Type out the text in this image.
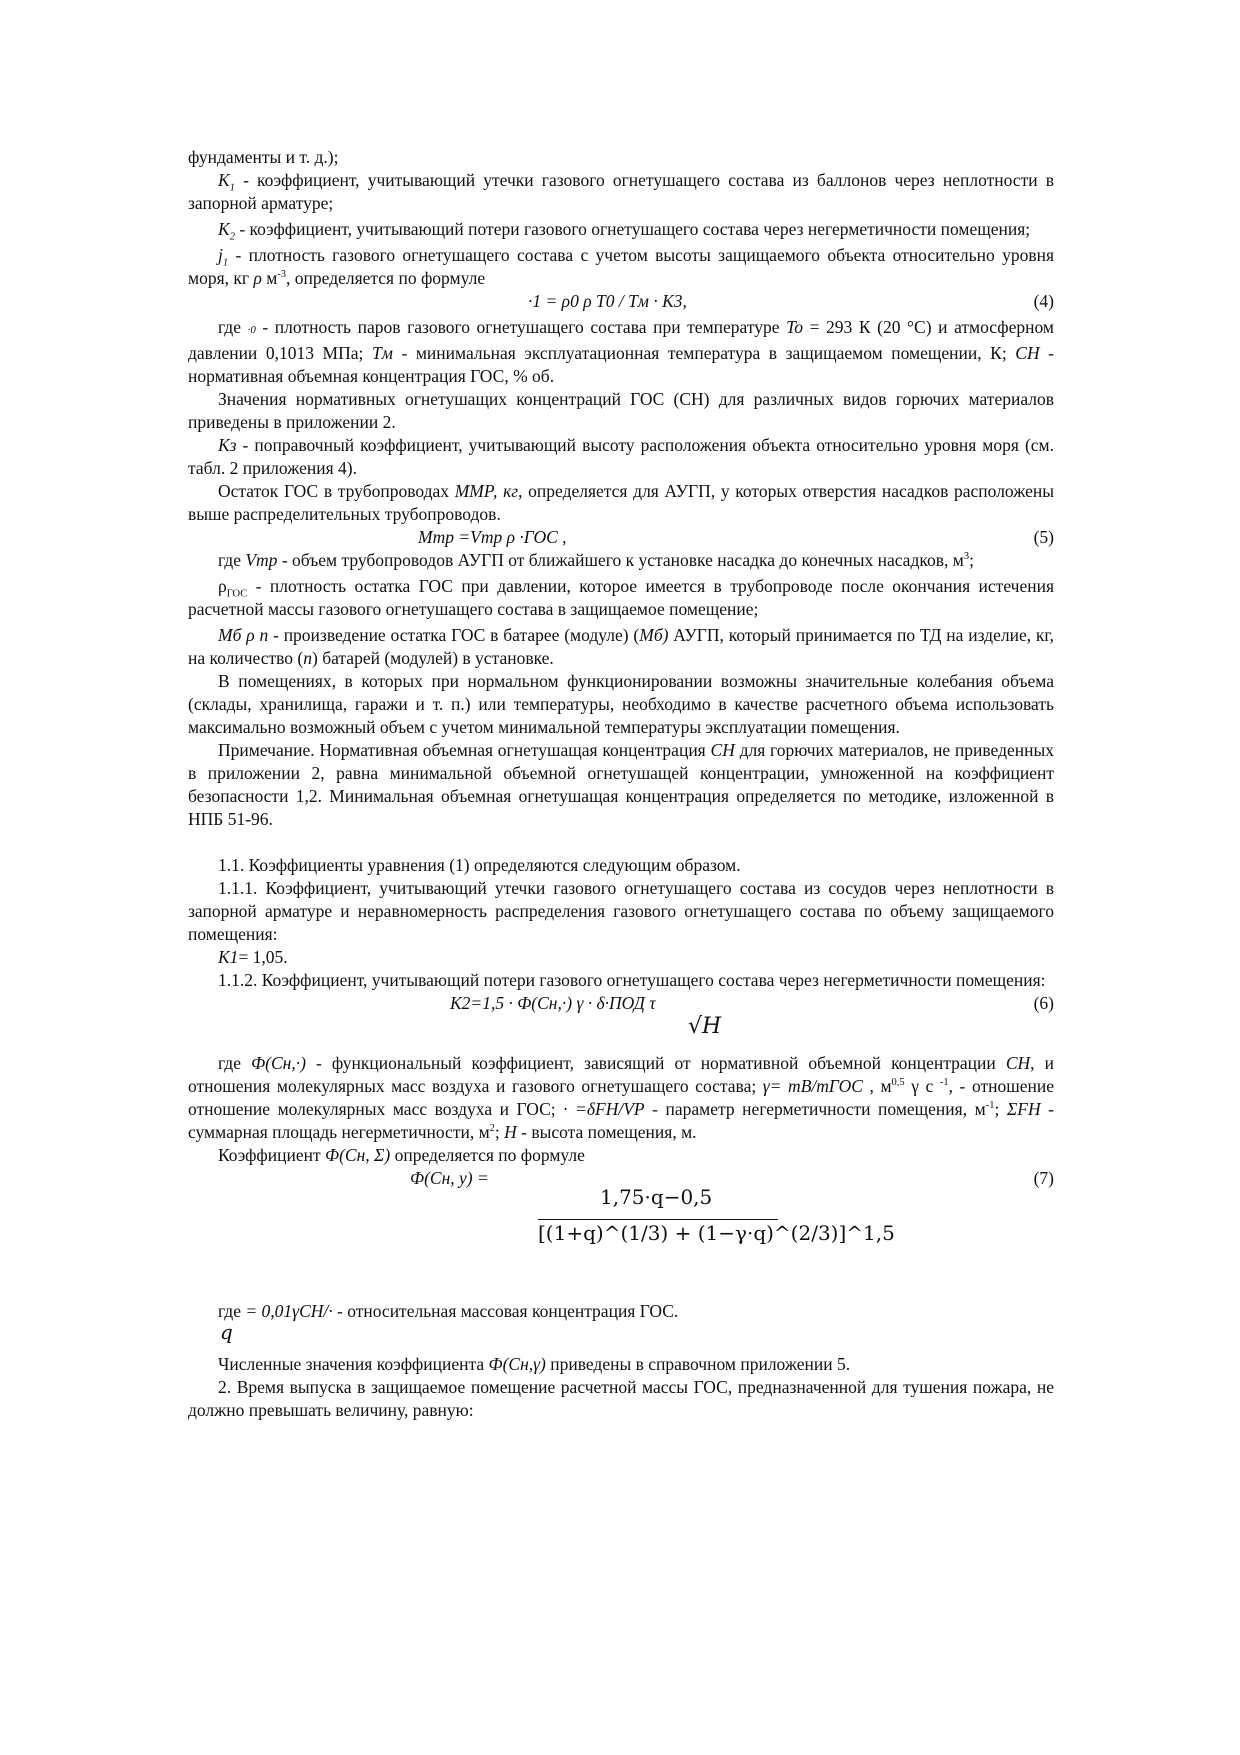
фундаменты и т. д.);

$K_1$ - коэффициент, учитывающий утечки газового огнетушащего состава из баллонов через неплотности в запорной арматуре;

$K_2$ - коэффициент, учитывающий потери газового огнетушащего состава через негерметичности помещения;

$ј_1$ - плотность газового огнетушащего состава с учетом высоты защищаемого объекта относительно уровня моря, кг ρ $м^{-3}$, определяется по формуле

·1 = ρ0 ρ T0 / Tм · K3,	(4)

где ·0 - плотность паров газового огнетушащего состава при температуре To = 293 К (20 °С) и атмосферном давлении 0,1013 МПа; Tм - минимальная эксплуатационная температура в защищаемом помещении, К; CН - нормативная объемная концентрация ГОС, % об.

Значения нормативных огнетушащих концентраций ГОС (CН) для различных видов горючих материалов приведены в приложении 2.

Кз - поправочный коэффициент, учитывающий высоту расположения объекта относительно уровня моря (см. табл. 2 приложения 4).

Остаток ГОС в трубопроводах MМР, кг, определяется для АУГП, у которых отверстия насадков расположены выше распределительных трубопроводов.

Mтр =Vтр ρ ·ГОС ,	(5)

где Vтр - объем трубопроводов АУГП от ближайшего к установке насадка до конечных насадков, $м^3$;

$\rho_{ГОС}$ - плотность остатка ГОС при давлении, которое имеется в трубопроводе после окончания истечения расчетной массы газового огнетушащего состава в защищаемое помещение;

Mб ρ n - произведение остатка ГОС в батарее (модуле) (Mб) АУГП, который принимается по ТД на изделие, кг, на количество (n) батарей (модулей) в установке.

В помещениях, в которых при нормальном функционировании возможны значительные колебания объема (склады, хранилища, гаражи и т. п.) или температуры, необходимо в качестве расчетного объема использовать максимально возможный объем с учетом минимальной температуры эксплуатации помещения.

Примечание. Нормативная объемная огнетушащая концентрация CН для горючих материалов, не приведенных в приложении 2, равна минимальной объемной огнетушащей концентрации, умноженной на коэффициент безопасности 1,2. Минимальная объемная огнетушащая концентрация определяется по методике, изложенной в НПБ 51-96.

1.1. Коэффициенты уравнения (1) определяются следующим образом.

1.1.1. Коэффициент, учитывающий утечки газового огнетушащего состава из сосудов через неплотности в запорной арматуре и неравномерность распределения газового огнетушащего состава по объему защищаемого помещения:

K1= 1,05.

1.1.2. Коэффициент, учитывающий потери газового огнетушащего состава через негерметичности помещения:

K2=1,5 · Ф(Cн,·) γ · δ·ПОД τ	(6)
√H

где Ф(Cн,·) - функциональный коэффициент, зависящий от нормативной объемной концентрации CН, и отношения молекулярных масс воздуха и газового огнетушащего состава; γ= mВ/mГОС , $м^{0,5}$ γ с $^{-1}$, - отношение отношение молекулярных масс воздуха и ГОС; · =δFН/VР - параметр негерметичности помещения, $м^{-1}$; ΣFН - суммарная площадь негерметичности, $м^2$; H - высота помещения, м.

Коэффициент Ф(Cн, Σ) определяется по формуле

Ф(Cн, у) =	(7)
1,75·q−0,5
[(1+q)^(1/3) + (1−γ·q)^(2/3)]^1,5

где = 0,01γCН/· - относительная массовая концентрация ГОС.

q

Численные значения коэффициента Ф(Cн,γ) приведены в справочном приложении 5.

2. Время выпуска в защищаемое помещение расчетной массы ГОС, предназначенной для тушения пожара, не должно превышать величину, равную:
